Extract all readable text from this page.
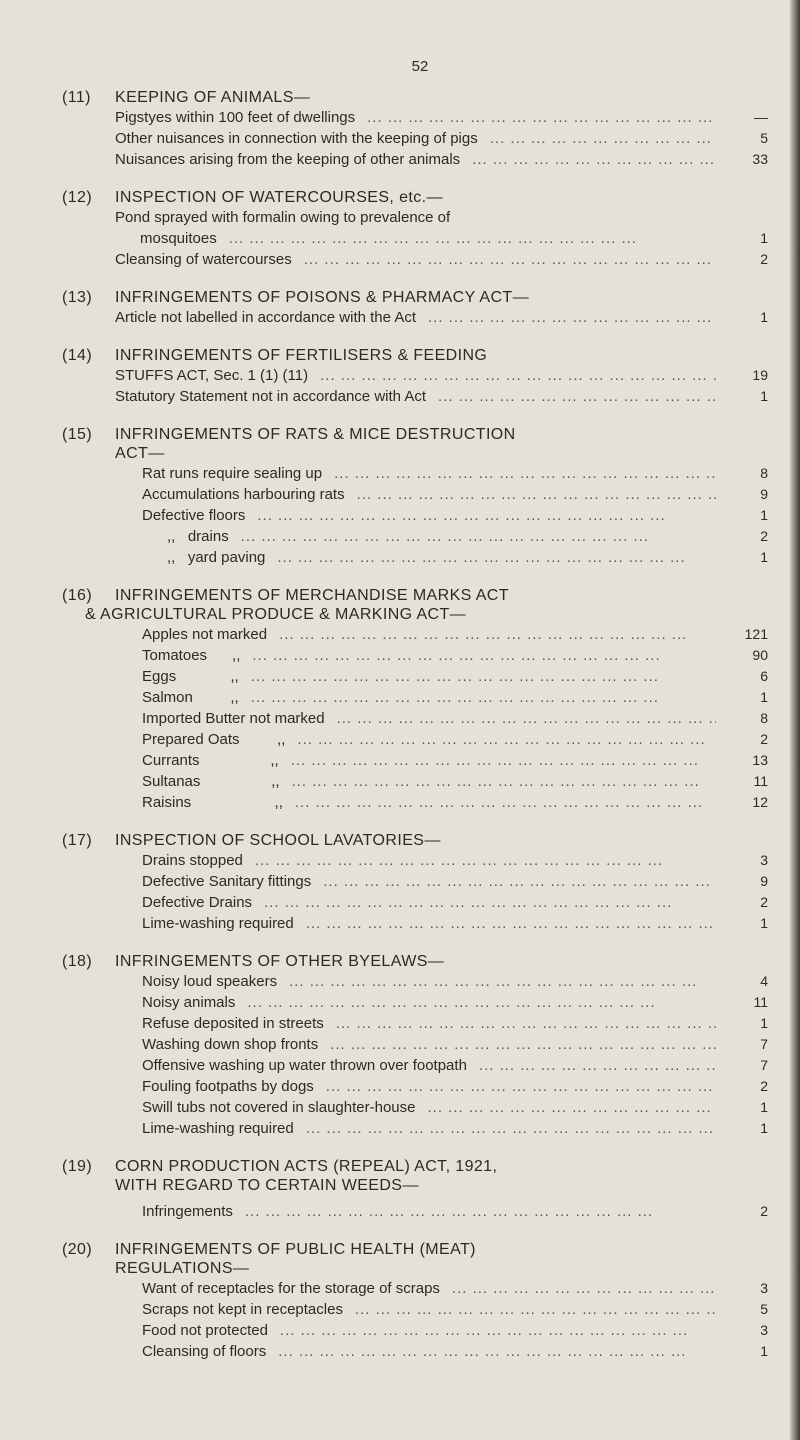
52
(11)	KEEPING OF ANIMALS—
Pigstyes within 100 feet of dwellings ... .	—
Other nuisances in connection with the keeping of pigs ... .	5
Nuisances arising from the keeping of other animals ... .	33
(12)	INSPECTION OF WATERCOURSES, etc.—
Pond sprayed with formalin owing to prevalence of
mosquitoes ... .	1
Cleansing of watercourses ... .	2
(13)	INFRINGEMENTS OF POISONS & PHARMACY ACT—
Article not labelled in accordance with the Act ... .	1
(14)	INFRINGEMENTS OF FERTILISERS & FEEDING
STUFFS ACT, Sec. 1 (1) (11) ... .	19
Statutory Statement not in accordance with Act ... .	1
(15)	INFRINGEMENTS OF RATS & MICE DESTRUCTION
ACT—
Rat runs require sealing up ... .	8
Accumulations harbouring rats ... .	9
Defective floors ... .	1
,,   drains ... .	2
,,   yard paving ... .	1
(16)	INFRINGEMENTS OF MERCHANDISE MARKS ACT
& AGRICULTURAL PRODUCE & MARKING ACT—
Apples not marked ... .	121
Tomatoes      ,, ... .	90
Eggs             ,, ... .	6
Salmon         ,, ... .	1
Imported Butter not marked ... .	8
Prepared Oats         ,, ... .	2
Currants                 ,, ... .	13
Sultanas                 ,, ... .	11
Raisins                    ,, ... .	12
(17)	INSPECTION OF SCHOOL LAVATORIES—
Drains stopped ... .	3
Defective Sanitary fittings ... .	9
Defective Drains ... .	2
Lime-washing required ... .	1
(18)	INFRINGEMENTS OF OTHER BYELAWS—
Noisy loud speakers ... .	4
Noisy animals ... .	11
Refuse deposited in streets ... .	1
Washing down shop fronts ... .	7
Offensive washing up water thrown over footpath ... .	7
Fouling footpaths by dogs ... .	2
Swill tubs not covered in slaughter-house ... .	1
Lime-washing required ... .	1
(19)	CORN PRODUCTION ACTS (REPEAL) ACT, 1921,
WITH REGARD TO CERTAIN WEEDS—
Infringements ... .	2
(20)	INFRINGEMENTS OF PUBLIC HEALTH (MEAT)
REGULATIONS—
Want of receptacles for the storage of scraps ... .	3
Scraps not kept in receptacles ... .	5
Food not protected ... .	3
Cleansing of floors ... .	1
